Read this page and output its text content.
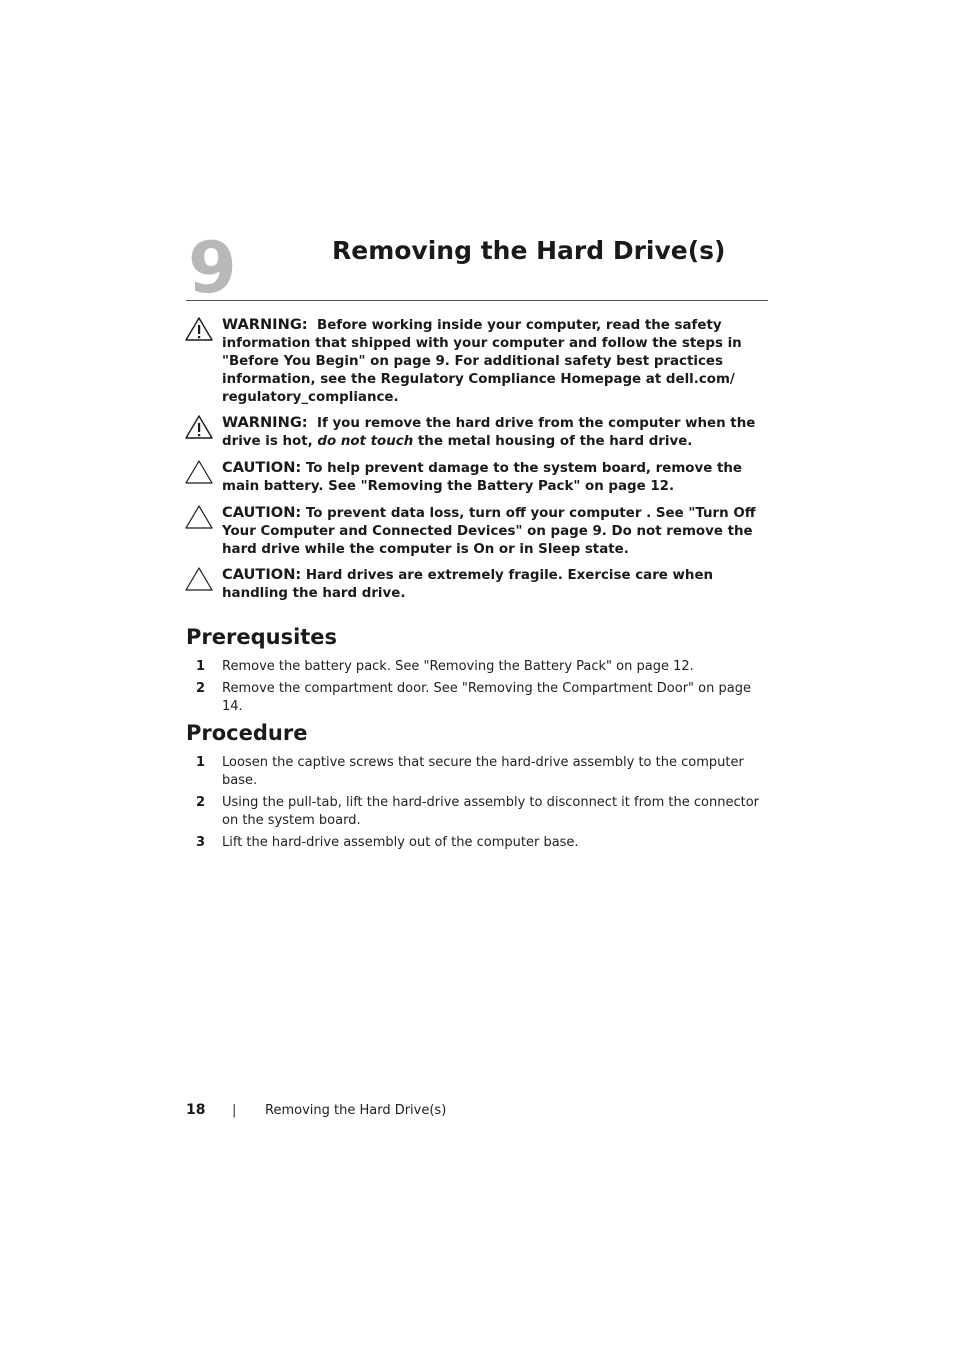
9	Removing the Hard Drive(s)
WARNING: Before working inside your computer, read the safety information that shipped with your computer and follow the steps in "Before You Begin" on page 9. For additional safety best practices information, see the Regulatory Compliance Homepage at dell.com/ regulatory_compliance.
WARNING: If you remove the hard drive from the computer when the drive is hot, do not touch the metal housing of the hard drive.
CAUTION: To help prevent damage to the system board, remove the main battery. See "Removing the Battery Pack" on page 12.
CAUTION: To prevent data loss, turn off your computer . See "Turn Off Your Computer and Connected Devices" on page 9. Do not remove the hard drive while the computer is On or in Sleep state.
CAUTION: Hard drives are extremely fragile. Exercise care when handling the hard drive.
Prerequsites
1 Remove the battery pack. See "Removing the Battery Pack" on page 12.
2 Remove the compartment door. See "Removing the Compartment Door" on page 14.
Procedure
1 Loosen the captive screws that secure the hard-drive assembly to the computer base.
2 Using the pull-tab, lift the hard-drive assembly to disconnect it from the connector on the system board.
3 Lift the hard-drive assembly out of the computer base.
18 | Removing the Hard Drive(s)
